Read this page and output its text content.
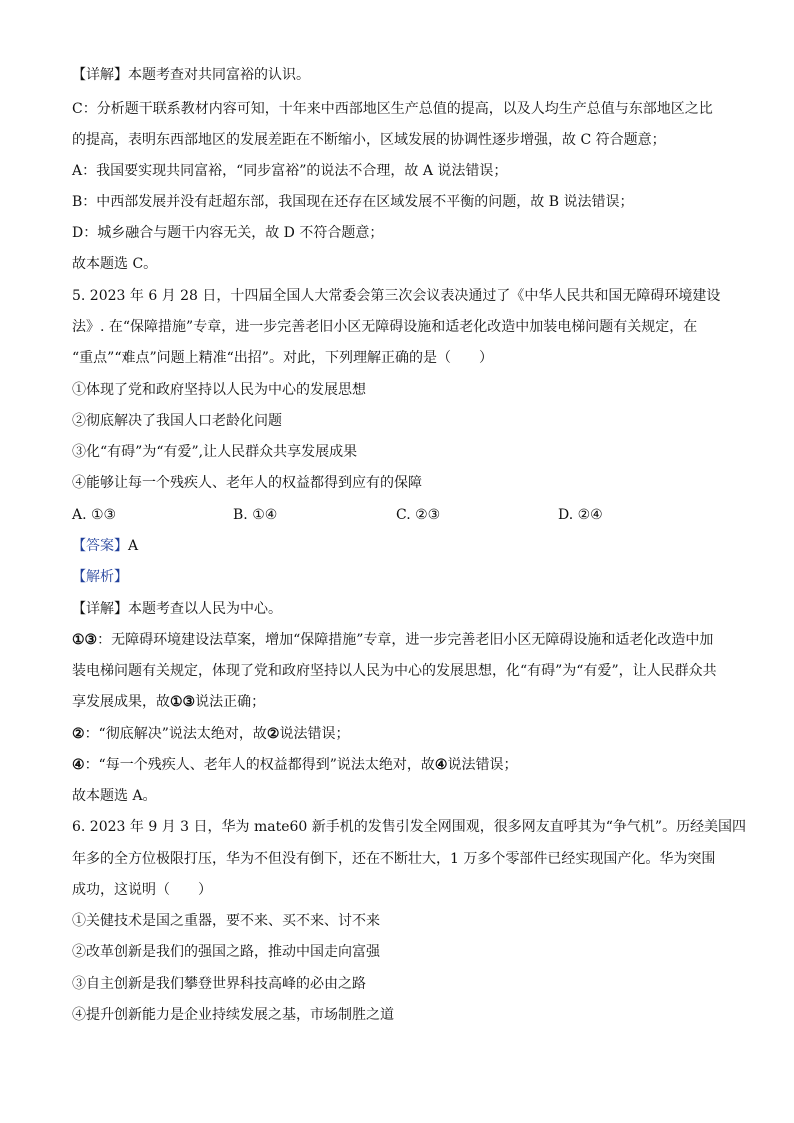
【详解】本题考查对共同富裕的认识。
C：分析题干联系教材内容可知，十年来中西部地区生产总值的提高，以及人均生产总值与东部地区之比
的提高，表明东西部地区的发展差距在不断缩小，区域发展的协调性逐步增强，故 C 符合题意；
A：我国要实现共同富裕，“同步富裕”的说法不合理，故 A 说法错误；
B：中西部发展并没有赶超东部，我国现在还存在区域发展不平衡的问题，故 B 说法错误；
D：城乡融合与题干内容无关，故 D 不符合题意；
故本题选 C。
5. 2023 年 6 月 28 日，十四届全国人大常委会第三次会议表决通过了《中华人民共和国无障碍环境建设
法》. 在“保障措施”专章，进一步完善老旧小区无障碍设施和适老化改造中加装电梯问题有关规定，在
“重点”“难点”问题上精准“出招”。对此，下列理解正确的是（　　）
①体现了党和政府坚持以人民为中心的发展思想
②彻底解决了我国人口老龄化问题
③化“有碍”为“有爱”,让人民群众共享发展成果
④能够让每一个残疾人、老年人的权益都得到应有的保障
A. ①③	B. ①④	C. ②③	D. ②④
【答案】A
【解析】
【详解】本题考查以人民为中心。
①③：无障碍环境建设法草案，增加“保障措施”专章，进一步完善老旧小区无障碍设施和适老化改造中加
装电梯问题有关规定，体现了党和政府坚持以人民为中心的发展思想，化“有碍”为“有爱”，让人民群众共
享发展成果，故①③说法正确；
②：“彻底解决”说法太绝对，故②说法错误；
④：“每一个残疾人、老年人的权益都得到”说法太绝对，故④说法错误；
故本题选 A。
6. 2023 年 9 月 3 日，华为 mate60 新手机的发售引发全网围观，很多网友直呼其为“争气机”。历经美国四
年多的全方位极限打压，华为不但没有倒下，还在不断壮大，1 万多个零部件已经实现国产化。华为突围
成功，这说明（　　）
①关健技术是国之重器，要不来、买不来、讨不来
②改革创新是我们的强国之路，推动中国走向富强
③自主创新是我们攀登世界科技高峰的必由之路
④提升创新能力是企业持续发展之基，市场制胜之道
